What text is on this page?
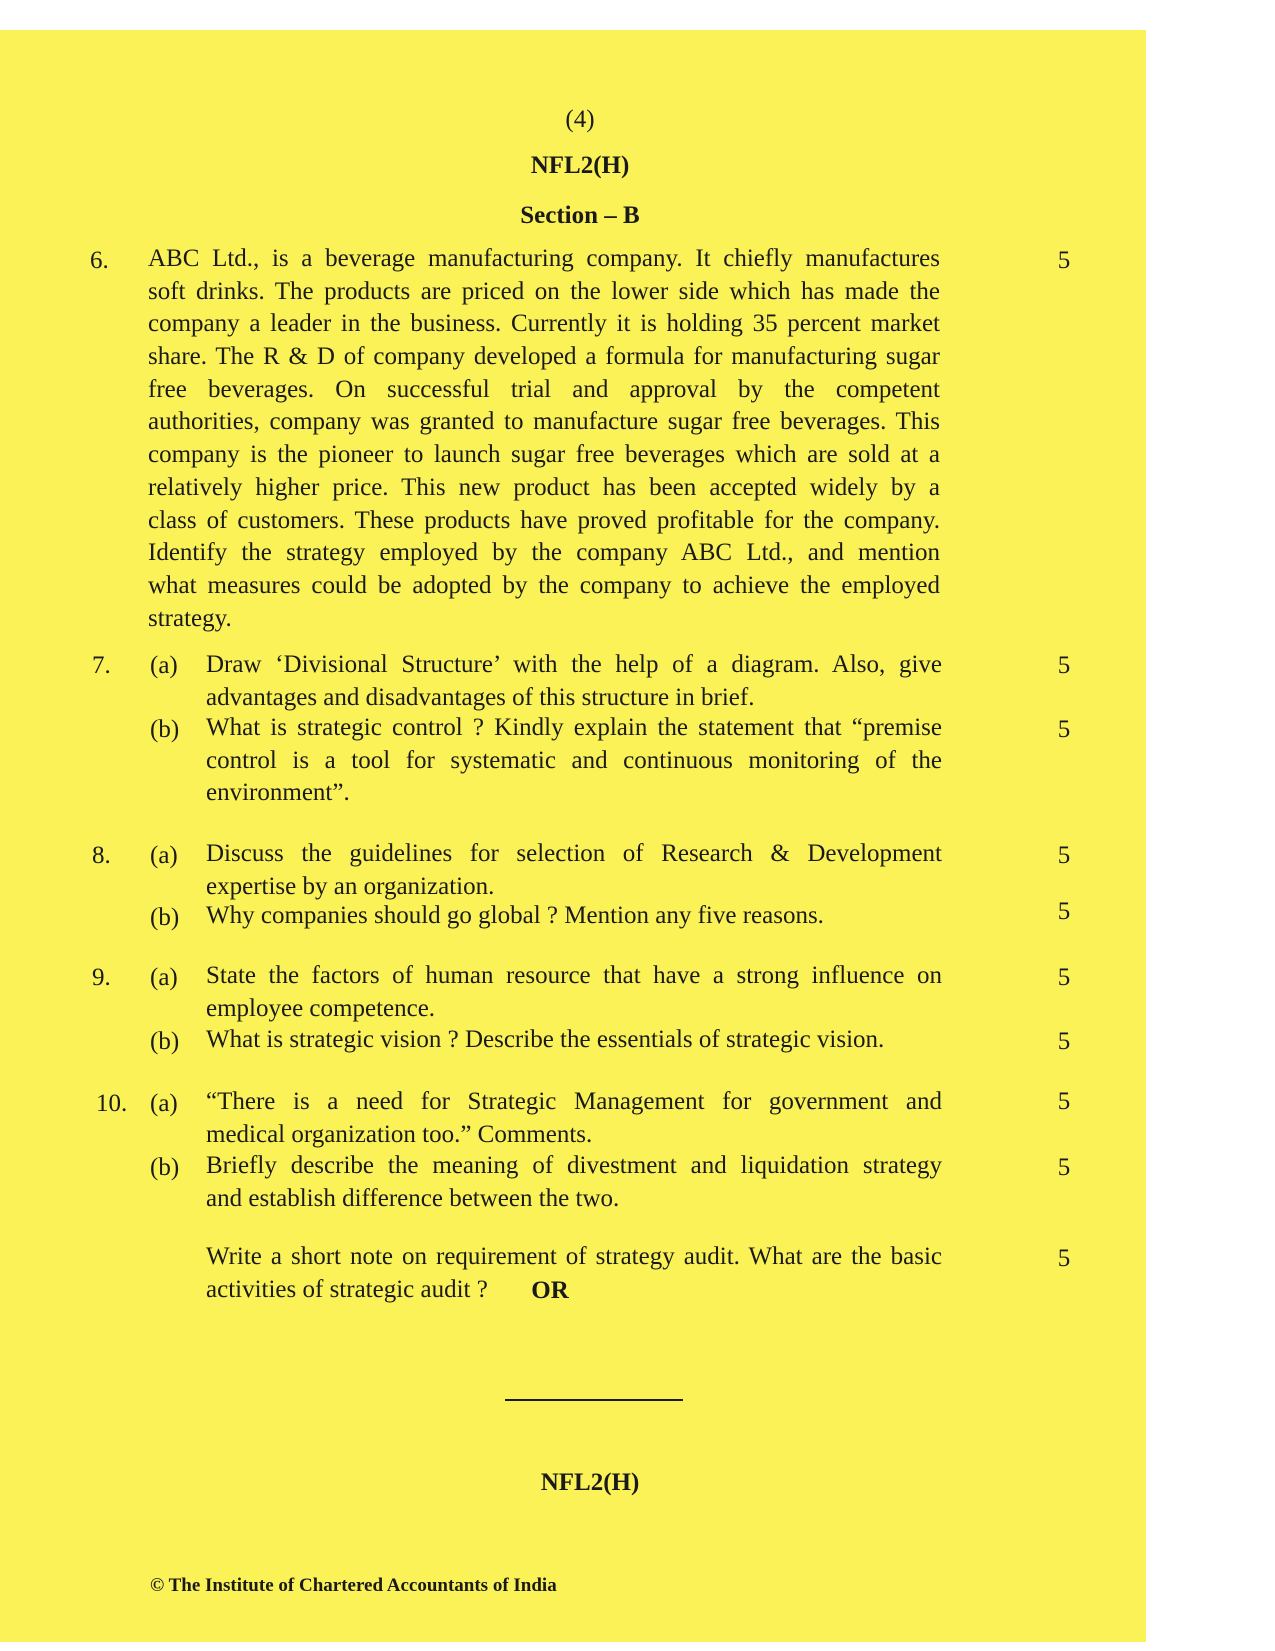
(4)
NFL2(H)
Section – B
6. ABC Ltd., is a beverage manufacturing company. It chiefly manufactures
soft drinks. The products are priced on the lower side which has made the
company a leader in the business. Currently it is holding 35 percent market
share. The R & D of company developed a formula for manufacturing sugar
free beverages. On successful trial and approval by the competent
authorities, company was granted to manufacture sugar free beverages. This
company is the pioneer to launch sugar free beverages which are sold at a
relatively higher price. This new product has been accepted widely by a
class of customers. These products have proved profitable for the company.
Identify the strategy employed by the company ABC Ltd., and mention
what measures could be adopted by the company to achieve the employed
strategy.
5
7. (a) Draw ‘Divisional Structure’ with the help of a diagram. Also, give
advantages and disadvantages of this structure in brief.
5
(b) What is strategic control ? Kindly explain the statement that “premise
control is a tool for systematic and continuous monitoring of the
environment”.
5
8. (a) Discuss the guidelines for selection of Research & Development
expertise by an organization.
5
(b) Why companies should go global ? Mention any five reasons.	5
9. (a) State the factors of human resource that have a strong influence on
employee competence.
5
(b) What is strategic vision ? Describe the essentials of strategic vision.	5
10. (a) “There is a need for Strategic Management for government and
medical organization too.” Comments.
5
(b) Briefly describe the meaning of divestment and liquidation strategy
and establish difference between the two.
5
OR
Write a short note on requirement of strategy audit. What are the basic
activities of strategic audit ?
5
NFL2(H)
© The Institute of Chartered Accountants of India
